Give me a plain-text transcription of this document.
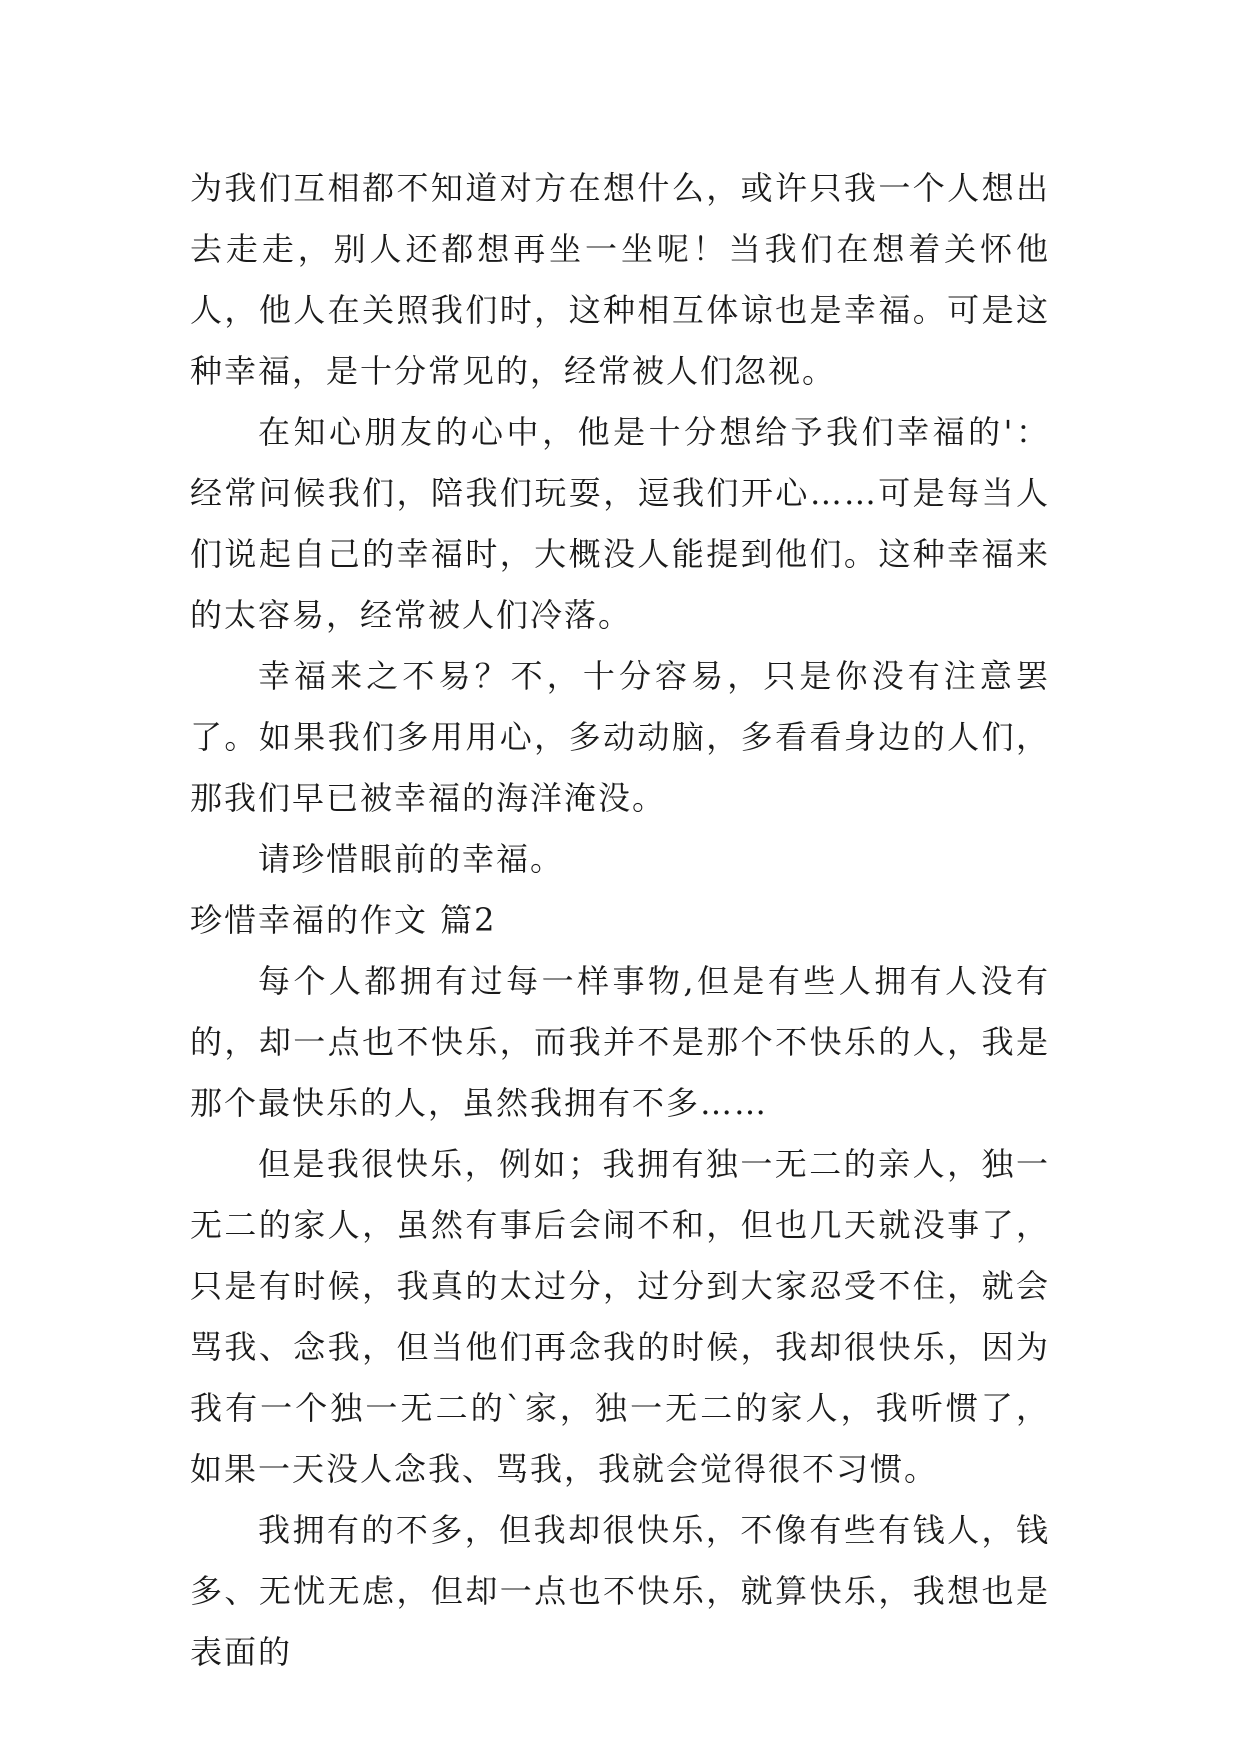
为我们互相都不知道对方在想什么，或许只我一个人想出去走走，别人还都想再坐一坐呢！当我们在想着关怀他人，他人在关照我们时，这种相互体谅也是幸福。可是这种幸福，是十分常见的，经常被人们忽视。

在知心朋友的心中，他是十分想给予我们幸福的'：经常问候我们，陪我们玩耍，逗我们开心……可是每当人们说起自己的幸福时，大概没人能提到他们。这种幸福来的太容易，经常被人们冷落。

幸福来之不易？不，十分容易，只是你没有注意罢了。如果我们多用用心，多动动脑，多看看身边的人们，那我们早已被幸福的海洋淹没。

请珍惜眼前的幸福。

珍惜幸福的作文 篇2

每个人都拥有过每一样事物,但是有些人拥有人没有的，却一点也不快乐，而我并不是那个不快乐的人，我是那个最快乐的人，虽然我拥有不多……

但是我很快乐，例如；我拥有独一无二的亲人，独一无二的家人，虽然有事后会闹不和，但也几天就没事了，只是有时候，我真的太过分，过分到大家忍受不住，就会骂我、念我，但当他们再念我的时候，我却很快乐，因为我有一个独一无二的`家，独一无二的家人，我听惯了，如果一天没人念我、骂我，我就会觉得很不习惯。

我拥有的不多，但我却很快乐，不像有些有钱人，钱多、无忧无虑，但却一点也不快乐，就算快乐，我想也是表面的
